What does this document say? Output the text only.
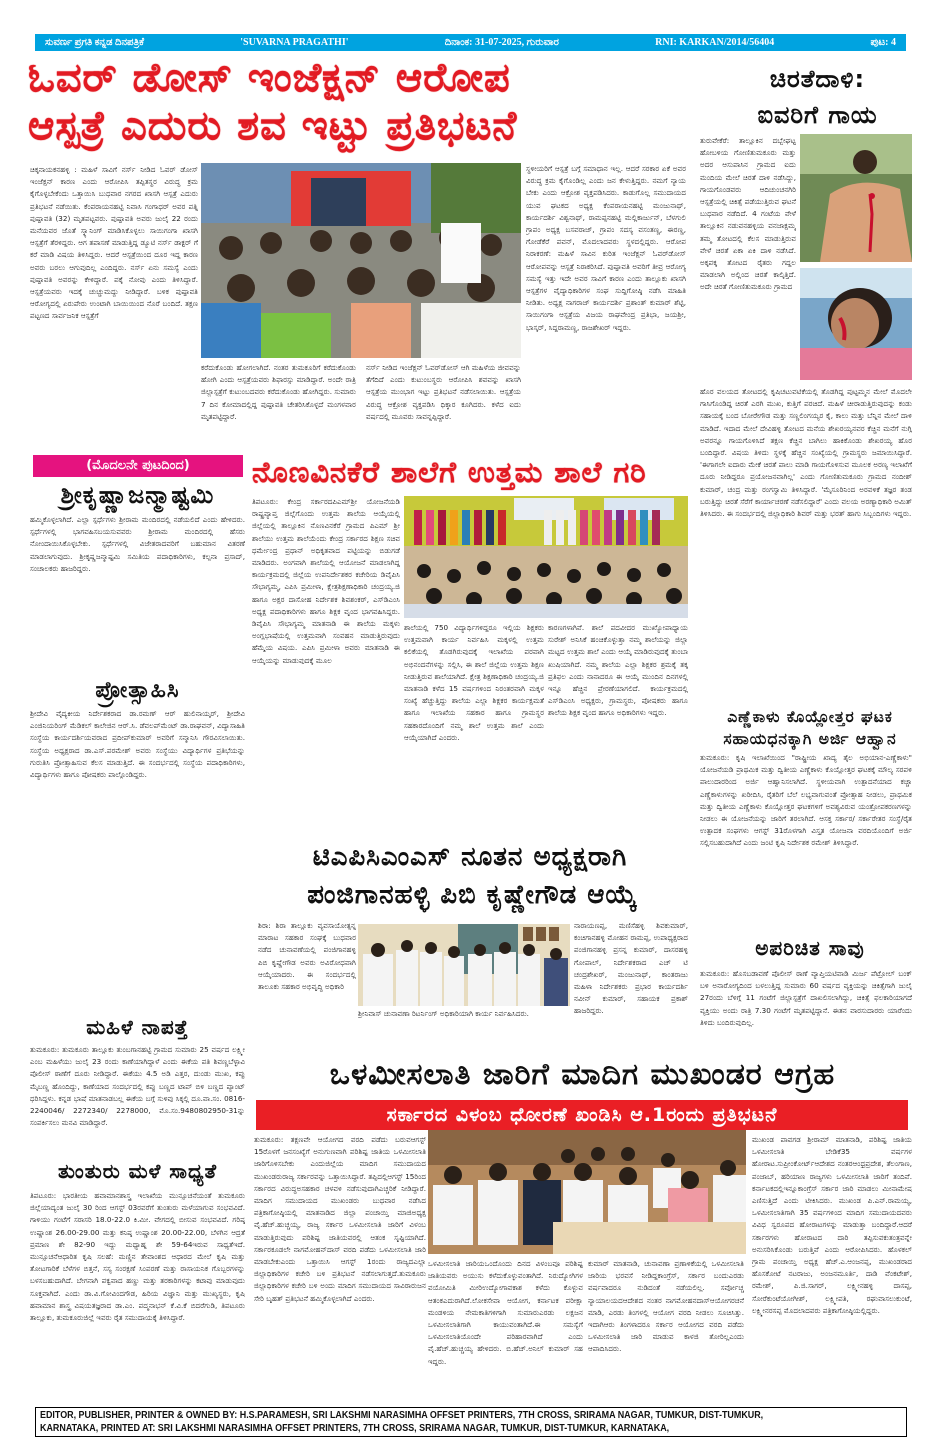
ಸುವರ್ಣ ಪ್ರಗತಿ ಕನ್ನಡ ದಿನಪತ್ರಿಕೆ	'SUVARNA PRAGATHI'	ದಿನಾಂಕ: 31-07-2025, ಗುರುವಾರ	RNI: KARKAN/2014/56404	ಪುಟ: 4
ಓವರ್ ಡೋಸ್ ಇಂಜೆಕ್ಷನ್ ಆರೋಪ
ಆಸ್ಪತ್ರೆ ಎದುರು ಶವ ಇಟ್ಟು ಪ್ರತಿಭಟನೆ
ಚಿಕ್ಕನಾಯಕನಹಳ್ಳಿ : ಮಹಿಳೆ ಸಾವಿಗೆ ನರ್ಸ್ ನೀಡಿದ ಓವರ್ ಡೋಸ್ ಇಂಜೆಕ್ಷನ್ ಕಾರಣ ಎಂದು ಆರೋಪಿಸಿ ತಪ್ಪಿತಸ್ಥರ ವಿರುದ್ಧ ಕ್ರಮ ಕೈಗೊಳ್ಳಬೇಕೆಂದು ಒತ್ತಾಯಿಸಿ ಬುಧವಾರ ನಗರದ ಖಾಸಗಿ ಆಸ್ಪತ್ರೆ ಎದುರು ಪ್ರತಿಭಟನೆ ನಡೆಯಿತು. ಕೆಂಪರಾಯನಹಟ್ಟಿ ನಿವಾಸಿ ಗಂಗಾಧರ್ ಅವರ ಪತ್ನಿ ಪುಷ್ಪಾವತಿ (32) ಮೃತಪಟ್ಟವರು. ಪುಷ್ಪಾವತಿ ಅವರು ಜುಲೈ 22 ರಂದು ಮನೆಯವರ ಜೊತೆ ಸ್ಕ್ಯಾನಿಂಗ್ ಮಾಡಿಸಿಕೊಳ್ಳಲು ಸಾಯಿಗಂಗಾ ಖಾಸಗಿ ಆಸ್ಪತ್ರೆಗೆ ತೆರಳಿದ್ದರು. ಆಗ ತಪಾಸಣೆ ಮಾಡುತ್ತಿದ್ದ ಡ್ಯೂಟಿ ನರ್ಸ್ ಡಾಕ್ಟರ್ ಗೆ ಕರೆ ಮಾಡಿ ವಿಷಯ ತಿಳಿಸಿದ್ದರು. ಆದರೆ ಆಸ್ಪತ್ರೆಯಿಂದ ದೂರ ಇದ್ದ ಕಾರಣ ಅವರು ಬರಲು ಆಗುವುದಿಲ್ಲ ಎಂದಿದ್ದರು. ನರ್ಸ್ ಏನು ಸಮಸ್ಯೆ ಎಂದು ಪುಷ್ಪಾವತಿ ಅವರನ್ನು ಕೇಳಿದ್ದಾರೆ. ಪಕ್ಕೆ ನೋವು ಎಂದು ತಿಳಿಸಿದ್ದಾರೆ. ಆಸ್ಪತ್ರೆಯವರು ಇದಕ್ಕೆ ಚುಚ್ಚುಮದ್ದು ನೀಡಿದ್ದಾರೆ. ಬಳಿಕ ಪುಷ್ಪಾವತಿ ಆರೋಗ್ಯದಲ್ಲಿ ಏರುಪೇರು ಉಂಟಾಗಿ ಬಾಯಿಯಿಂದ ನೊರೆ ಬಂದಿದೆ. ತಕ್ಷಣ ಪಟ್ಟಣದ ಸಾರ್ವಜನಿಕ ಆಸ್ಪತ್ರೆಗೆ
ಕರೆದುಕೊಂಡು ಹೋಗಲಾಗಿದೆ. ನಂತರ ತುಮಕೂರಿಗೆ ಕರೆದುಕೊಂಡು ಹೋಗಿ ಎಂದು ಆಸ್ಪತ್ರೆಯವರು ಶಿಫಾರಸ್ಸು ಮಾಡಿದ್ದಾರೆ. ಅಂದೇ ರಾತ್ರಿ ಜಿಲ್ಲಾಸ್ಪತ್ರೆಗೆ ಕುಟುಂಬದವರು ಕರೆದುಕೊಂಡು ಹೋಗಿದ್ದರು. ಸುಮಾರು 7 ದಿನ ಕೋಮಾದಲ್ಲಿದ್ದ ಪುಷ್ಪಾವತಿ ಚೇತರಿಸಿಕೊಳ್ಳದೆ ಮಂಗಳವಾರ ಮೃತಪಟ್ಟಿದ್ದಾರೆ.
ನರ್ಸ್ ನೀಡಿದ ಇಂಜೆಕ್ಷನ್ ಓವರ್‌ಡೋಸ್ ಆಗಿ ಮಹಿಳೆಯ ಜೀವವನ್ನು ತೆಗೆದಿದೆ ಎಂದು ಕುಟುಂಬಸ್ಥರು ಆರೋಪಿಸಿ ಶವವನ್ನು ಖಾಸಗಿ ಆಸ್ಪತ್ರೆಯ ಮುಂಭಾಗ ಇಟ್ಟು ಪ್ರತಿಭಟನೆ ನಡೆಸಲಾಯಿತು. ಆಸ್ಪತ್ರೆಯ ವಿರುದ್ಧ ಆಕ್ರೋಶ ವ್ಯಕ್ತಪಡಿಸಿ ಧಿಕ್ಕಾರ ಕೂಗಿದರು. ಕಳೆದ ಐದು ವರ್ಷದಲ್ಲಿ ಮೂವರು ಸಾವನ್ನಪ್ಪಿದ್ದಾರೆ.
ಸ್ಥಳೀಯರಿಗೆ ಆಸ್ಪತ್ರೆ ಬಗ್ಗೆ ಸಮಾಧಾನ ಇಲ್ಲ. ಆದರೆ ಸರಕಾರ ಏಕೆ ಅವರ ವಿರುದ್ಧ ಕ್ರಮ ಕೈಗೊಂಡಿಲ್ಲ ಎಂದು ಜನ ಕೇಳುತ್ತಿದ್ದರು. ನಮಗೆ ನ್ಯಾಯ ಬೇಕು ಎಂದು ಆಕ್ರೋಶ ವ್ಯಕ್ತಪಡಿಸಿದರು. ಕಾಡುಗೊಲ್ಲ ಸಮುದಾಯದ ಯುವ ಘಟಕದ ಅಧ್ಯಕ್ಷ ಕೆಂಪರಾಯನಹಟ್ಟಿ ಮಂಜುನಾಥ್, ಕಾರ್ಯದರ್ಶಿ ವಿಶ್ವನಾಥ್, ರಾಮಪ್ಪನಹಟ್ಟಿ ಮಲ್ಲಿಕಾರ್ಜುನ್, ಬೆಳಗುಲಿ ಗ್ರಾಪಂ ಅಧ್ಯಕ್ಷ ಬಸವರಾಜ್, ಗ್ರಾಪಂ ಸದಸ್ಯ ವಸಂತಣ್ಣ, ಈರಣ್ಣ, ಗೋಡೆಕೆರೆ ಪವನ್, ಮೊದಲಾದವರು ಸ್ಥಳದಲ್ಲಿದ್ದರು. ಆರೋಪ ನಿರಾಕರಣೆ: ಮಹಿಳೆ ಸಾವಿನ ಕುರಿತ ಇಂಜೆಕ್ಷನ್ ಓವರ್‌ಡೋಸ್ ಆರೋಪವನ್ನು ಆಸ್ಪತ್ರೆ ನಿರಾಕರಿಸಿದೆ. ಪುಷ್ಪಾವತಿ ಅವರಿಗೆ ತೀವ್ರ ಆರೋಗ್ಯ ಸಮಸ್ಯೆ ಇತ್ತು ಇದೇ ಅವರ ಸಾವಿಗೆ ಕಾರಣ ಎಂದು ತಾಲ್ಲೂಕು ಖಾಸಗಿ ಆಸ್ಪತ್ರೆಗಳ ವೈದ್ಯಾಧಿಕಾರಿಗಳ ಸಂಘ ಸುದ್ದಿಗೋಷ್ಠಿ ನಡೆಸಿ ಮಾಹಿತಿ ನೀಡಿತು. ಅಧ್ಯಕ್ಷ ನಾಗರಾಜ್ ಕಾರ್ಯದರ್ಶಿ ಪ್ರಶಾಂತ್ ಕುಮಾರ್ ಶೆಟ್ಟಿ, ಸಾಯಿಗಂಗಾ ಆಸ್ಪತ್ರೆಯ ವಿಜಯ ರಾಘವೇಂದ್ರ ಪ್ರತಿಭಾ, ಜಯಶ್ರೀ, ಭಾಸ್ಕರ್, ಸಿದ್ದರಾಮಣ್ಣ, ರಾಜಶೇಖರ್ ಇದ್ದರು.
ಚಿರತೆದಾಳಿ:
ಐವರಿಗೆ ಗಾಯ
ತುರುವೇಕೆರೆ: ತಾಲ್ಲೂಕಿನ ದಬ್ಬೇಘಟ್ಟ ಹೋಬಳಿಯ ಗೋಣಿತುಮಕೂರು ಮತ್ತು ಅದರ ಆಸುಪಾಸಿನ ಗ್ರಾಮದ ಐದು ಮಂದಿಯ ಮೇಲೆ ಚಿರತೆ ದಾಳಿ ನಡೆಸಿದ್ದು, ಗಾಯಗೊಂಡವರು ಆದಿಚುಂಚನಗಿರಿ ಆಸ್ಪತ್ರೆಯಲ್ಲಿ ಚಿಕಿತ್ಸೆ ಪಡೆಯುತ್ತಿರುವ ಘಟನೆ ಬುಧವಾರ ನಡೆದಿದೆ. 4 ಗಂಟೆಯ ವೇಳೆ ತಾಲ್ಲೂಕಿನ ನಡುವನಹಳ್ಳಿಯ ವನಜಾಕ್ಷಮ್ಮ ತಮ್ಮ ತೋಟದಲ್ಲಿ ಕೆಲಸ ಮಾಡುತ್ತಿರುವ ವೇಳೆ ಚಿರತೆ ಏಕಾ ಏಕಿ ದಾಳಿ ನಡೆಸಿದೆ. ಅಕ್ಕಪಕ್ಕ ತೋಟದ ರೈತರು ಗದ್ದಲ ಮಾಡಲಾಗಿ ಅಲ್ಲಿಂದ ಚಿರತೆ ಕಾಲ್ಕಿತ್ತಿದೆ. ಅದೇ ಚಿರತೆ ಗೋಣಿತುಮಕೂರು ಗ್ರಾಮದ
ಹೊರ ವಲಯದ ತೋಟದಲ್ಲಿ ಕೃಷಿಚಟುವಟಿಕೆಯಲ್ಲಿ ತೊಡಗಿದ್ದ ಪುಟ್ಟಮ್ಮನ ಮೇಲೆ ಮೊದಲೇ ಗಾಸಿಗೊಂಡಿದ್ದ ಚಿರತೆ ಎರಗಿ ಮುಖ, ಕುತ್ತಿಗೆ ಪರಚಿದೆ. ಮಹಿಳೆ ಚೀರಾಡುತ್ತಿರುವುದನ್ನು ಕಂಡು ಸಹಾಯಕ್ಕೆ ಬಂದ ಬೋರೇಗೌಡ ಮತ್ತು ಸಣ್ಣಲಿಂಗಯ್ಯರ ಕೈ, ಕಾಲು ಮತ್ತು ಬೆನ್ನಿನ ಮೇಲೆ ದಾಳಿ ಮಾಡಿದೆ. ಇದಾದ ಮೇಲೆ ದೇವಿಹಳ್ಳಿ ತೋಟದ ಮನೆಯ ಶೇಖರಯ್ಯನವರ ಕೆಚ್ಚಿನ ಮನೆಗೆ ನುಗ್ಗಿ ಅವರನ್ನೂ ಗಾಯಗೊಳಿಸಿದೆ ತಕ್ಷಣ ಕೆಚ್ಚಿನ ಬಾಗಿಲು ಹಾಕಿಕೊಂಡು ಶೇಖರಯ್ಯ ಹೊರ ಬಂದಿದ್ದಾರೆ. ವಿಷಯ ತಿಳಿದು ಸ್ಥಳಕ್ಕೆ ಹೆಚ್ಚಿನ ಸಂಖ್ಯೆಯಲ್ಲಿ ಗ್ರಾಮಸ್ಥರು ಜಮಾಯಿಸಿದ್ದಾರೆ. 'ಈಗಾಗಲೇ ಐದಾರು ಮೇಕೆ ಚಿರತೆ ಪಾಲು ಮಾಡಿ ಗಾಯಗೊಳಿಸುವ ಮೂಲಕ ಅರಣ್ಯ ಇಲಾಖೆಗೆ ದೂರು ನೀಡಿದ್ದರೂ ಪ್ರಯೋಜನವಾಗಿಲ್ಲ' ಎಂದು ಗೋಣಿತುಮಕೂರು ಗ್ರಾಮದ ನಂದೀಶ್ ಕುಮಾರ್, ಚಂದ್ರ ಮತ್ತು ರಂಗಸ್ವಾಮಿ ತಿಳಿಸಿದ್ದಾರೆ. 'ಮೈಸೂರಿನಿಂದ ಅರವಳಿಕೆ ತಜ್ಞರ ತಂಡ ಬರುತ್ತಿದ್ದು ಚಿರತೆ ಸೆರೆಗೆ ಕಾರ್ಯಾಚರಣೆ ನಡೆಸಲಿದ್ದಾರೆ' ಎಂದು ವಲಯ ಅರಣ್ಯಾಧಿಕಾರಿ ಅಮಿತ್ ತಿಳಿಸಿದರು. ಈ ಸಂದರ್ಭದಲ್ಲಿ ಜಿಲ್ಲಾಧಿಕಾರಿ ಶಿವರ್ ಮತ್ತು ಭರತ್ ಹಾಗು ಸಿಬ್ಬಂದಿಗಳು ಇದ್ದರು.
(ಮೊದಲನೇ ಪುಟದಿಂದ)
ಶ್ರೀಕೃಷ್ಣಾಜನ್ಮಾಷ್ಟಮಿ
ಹಮ್ಮಿಕೊಳ್ಳಲಾಗಿದೆ. ಎಲ್ಲಾ ಸ್ಪರ್ಧೆಗಳು ಶ್ರೀರಾಮ ಮಂದಿರದಲ್ಲಿ ನಡೆಯಲಿದೆ ಎಂದು ಹೇಳಿದರು. ಸ್ಪರ್ಧೆಗಳಲ್ಲಿ ಭಾಗವಹಿಸಬಯಸುವವರು ಶ್ರೀರಾಮ ಮಂದಿರದಲ್ಲಿ ಹೆಸರು ನೋಂದಾಯಿಸಿಕೊಳ್ಳಬೇಕು. ಸ್ಪರ್ಧೆಗಳಲ್ಲಿ ವಿಜೇತರಾದವರಿಗೆ ಬಹುಮಾನ ವಿತರಣೆ ಮಾಡಲಾಗುವುದು. ಶ್ರೀಕೃಷ್ಣಜನ್ಮಾಷ್ಟಮಿ ಸಮಿತಿಯ ಪದಾಧಿಕಾರಿಗಳು, ಕಲ್ಪನಾ ಪ್ರಸಾದ್, ಸಂಚಾಲಕರು ಹಾಜರಿದ್ದರು.
ಪ್ರೋತ್ಸಾಹಿಸಿ
ಶ್ರೀದೇವಿ ವೈದ್ಯಕೀಯ ನಿರ್ದೇಶಕರಾದ ಡಾ.ರಮಣ್ ಆರ್ ಹುಲಿನಾಯ್ಕರ್, ಶ್ರೀದೇವಿ ಎಂಜಿನಿಯರಿಂಗ್ ಮೆಡಿಕಲ್ ಕಾಲೇಜಿನ ಆರ್.ಸಿ. ಡೆವಲಪ್‌ಮೆಂಟ್ ಡಾ.ರಾಘವನ್, ವಿದ್ಯಾಸಾಹಿತಿ ಸಂಸ್ಥೆಯ ಕಾರ್ಯದರ್ಶಿಯವರಾದ ಪ್ರದೀಪ್‌ಕುಮಾರ್ ಅವರಿಗೆ ಸನ್ಮಾನಿಸಿ ಗೌರವಿಸಲಾಯಿತು. ಸಂಸ್ಥೆಯ ಅಧ್ಯಕ್ಷರಾದ ಡಾ.ಎಸ್.ಪರಮೇಶ್ ಅವರು ಸಂಸ್ಥೆಯು ವಿದ್ಯಾರ್ಥಿಗಳ ಪ್ರತಿಭೆಯನ್ನು ಗುರುತಿಸಿ ಪ್ರೋತ್ಸಾಹಿಸುವ ಕೆಲಸ ಮಾಡುತ್ತಿದೆ. ಈ ಸಂದರ್ಭದಲ್ಲಿ ಸಂಸ್ಥೆಯ ಪದಾಧಿಕಾರಿಗಳು, ವಿದ್ಯಾರ್ಥಿಗಳು ಹಾಗೂ ಪೋಷಕರು ಪಾಲ್ಗೊಂಡಿದ್ದರು.
ನೊಣವಿನಕೆರೆ ಶಾಲೆಗೆ ಉತ್ತಮ ಶಾಲೆ ಗರಿ
ತಿಪಟೂರು: ಕೇಂದ್ರ ಸರ್ಕಾರದಪಿಎಮ್‌ಶ್ರೀ ಯೋಜನೆಯಡಿ ರಾಷ್ಟ್ರವ್ಯಾಪ್ತ ಜಿಲ್ಲೆಗೊಂದು ಉತ್ತಮ ಶಾಲೆಯ ಆಯ್ಕೆಯಲ್ಲಿ ಜಿಲ್ಲೆಯಲ್ಲಿ ತಾಲ್ಲೂಕಿನ ನೊಣವಿನಕೆರೆ ಗ್ರಾಮದ ಪಿಎಮ್ ಶ್ರೀ ಶಾಲೆಯು ಉತ್ತಮ ಶಾಲೆಯೆಂದು ಕೇಂದ್ರ ಸರ್ಕಾರದ ಶಿಕ್ಷಣ ಸಚಿವ ಧರ್ಮೇಂದ್ರ ಪ್ರಧಾನ್ ಅಧಿಕೃತವಾದ ಪಟ್ಟಿಯನ್ನು ಬಿಡುಗಡೆ ಮಾಡಿದರು. ಅಂಗವಾಗಿ ಶಾಲೆಯಲ್ಲಿ ಆಯೋಜನೆ ಮಾಡಲಾಗಿದ್ದ ಕಾರ್ಯಕ್ರಮದಲ್ಲಿ ಜಿಲ್ಲೆಯ ಉಪನಿರ್ದೇಶಕರ ಕಚೇರಿಯ ಡಿವೈಪಿಸಿ ಸೌಭಾಗ್ಯಮ್ಮ, ಎಪಿಸಿ ಪ್ರಮೀಳಾ, ಕ್ಷೇತ್ರಶಿಕ್ಷಣಾಧಿಕಾರಿ ಚಂದ್ರಯ್ಯ.ಜಿ ಹಾಗೂ ಅಕ್ಷರ ದಾಸೋಹ ನಿರ್ದೇಶಕ ಶಿವಶಂಕರ್, ಎಸ್‌ಡಿಎಂಸಿ ಅಧ್ಯಕ್ಷ ಪದಾಧಿಕಾರಿಗಳು ಹಾಗೂ ಶಿಕ್ಷಕ ವೃಂದ ಭಾಗವಹಿಸಿದ್ದರು. ಡಿವೈಪಿಸಿ ಸೌಭಾಗ್ಯಮ್ಮ ಮಾತನಾಡಿ ಈ ಶಾಲೆಯ ಮಕ್ಕಳು ಅಂಗ್ಲಭಾಷೆಯಲ್ಲಿ ಉತ್ತಮವಾಗಿ ಸಂವಹನ ಮಾಡುತ್ತಿರುವುದು ಹೆಮ್ಮೆಯ ವಿಷಯ. ಎಪಿಸಿ ಪ್ರಮೀಳಾ ಅವರು ಮಾತನಾಡಿ ಈ ಆಯ್ಕೆಯನ್ನು ಮಾಡುವುದಕ್ಕೆ ಮೂಲ
ಶಾಲೆಯಲ್ಲಿ 750 ವಿದ್ಯಾರ್ಥಿಗಳಿದ್ದರೂ ಇಲ್ಲಿಯ ಶಿಕ್ಷಕರು ಉತ್ತಮವಾಗಿ ಕಾರ್ಯ ನಿರ್ವಹಿಸಿ ಮಕ್ಕಳಲ್ಲಿ ಉತ್ತಮ ಕಲಿಕೆಯಲ್ಲಿ ತೊಡಗಿರುವುದಕ್ಕೆ ಇಲಾಖೆಯ ಪರವಾಗಿ ಅಭಿನಂದನೆಗಳನ್ನು ಸಲ್ಲಿಸಿ, ಈ ಶಾಲೆ ಜಿಲ್ಲೆಯ ಉತ್ತಮ ಶಿಕ್ಷಣ ನೀಡುತ್ತಿರುವ ಶಾಲೆಯಾಗಿದೆ. ಕ್ಷೇತ್ರ ಶಿಕ್ಷಣಾಧಿಕಾರಿ ಚಂದ್ರಯ್ಯ.ಜಿ ಮಾತನಾಡಿ ಕಳೆದ 15 ವರ್ಷಗಳಿಂದ ನಿರಂತರವಾಗಿ ಮಕ್ಕಳ ಸಂಖ್ಯೆ ಹೆಚ್ಚುತ್ತಿದ್ದು ಶಾಲೆಯ ಎಲ್ಲಾ ಶಿಕ್ಷಕರ ಕಾರ್ಯಕ್ಷಮತೆ ಹಾಗೂ ಇಲಾಖೆಯ ಸಹಕಾರ ಹಾಗೂ ಗ್ರಾಮಸ್ಥರ ಸಹಕಾರದೊಂದಿಗೆ ನಮ್ಮ ಶಾಲೆ ಉತ್ತಮ ಶಾಲೆ ಎಂದು ಆಯ್ಕೆಯಾಗಿದೆ ಎಂದರು.
ಕಾರಣಗಳಾಗಿವೆ. ಶಾಲೆ ಪದವೀದರ ಮುಖ್ಯೋಪಾಧ್ಯಾಯ ಸುರೇಶ್ ಅನಿಸಿಕೆ ಹಂಚಿಕೊಳ್ಳುತ್ತಾ ನಮ್ಮ ಶಾಲೆಯನ್ನು ಜಿಲ್ಲಾ ಮಟ್ಟದ ಉತ್ತಮ ಶಾಲೆ ಎಂದು ಆಯ್ಕೆ ಮಾಡಿರುವುದಕ್ಕೆ ತುಂಬಾ ಖುಷಿಯಾಗಿದೆ. ನಮ್ಮ ಶಾಲೆಯ ಎಲ್ಲಾ ಶಿಕ್ಷಕರ ಶ್ರಮಕ್ಕೆ ತಕ್ಕ ಪ್ರತಿಫಲ ಎಂದು ನಾನಾದರೂ ಈ ಆಯ್ಕೆ ಮುಂದಿನ ದಿನಗಳಲ್ಲಿ ಇನ್ನೂ ಹೆಚ್ಚಿನ ಪ್ರೇರಣೆಯಾಗಲಿದೆ. ಕಾರ್ಯಕ್ರಮದಲ್ಲಿ ಎಸ್‌ಡಿಎಂಸಿ ಅಧ್ಯಕ್ಷರು, ಗ್ರಾಮಸ್ಥರು, ಪೋಷಕರು ಹಾಗೂ ಶಾಲೆಯ ಶಿಕ್ಷಕ ವೃಂದ ಹಾಗೂ ಅಧಿಕಾರಿಗಳು ಇದ್ದರು.	ಎಣ್ಣೆಕಾಳು ಕೊಯ್ಲೋತ್ತರ ಘಟಕ
ಸಹಾಯಧನಕ್ಕಾಗಿ ಅರ್ಜಿ ಆಹ್ವಾನ
ತುಮಕೂರು: ಕೃಷಿ ಇಲಾಖೆಯಿಂದ "ರಾಷ್ಟ್ರೀಯ ಖಾದ್ಯ ತೈಲ ಅಭಿಯಾನ-ಎಣ್ಣೆಕಾಳು" ಯೋಜನೆಯಡಿ ಪ್ರಾಥಮಿಕ ಮತ್ತು ದ್ವಿತೀಯ ಎಣ್ಣೆಕಾಳು ಕೊಯ್ಲೋತ್ತರ ಘಟಕಕ್ಕೆ ಮೌಲ್ಯ ಸರಪಳಿ ಪಾಲುದಾರರಿಂದ ಅರ್ಜಿ ಆಹ್ವಾನಿಸಲಾಗಿದೆ. ಸ್ಥಳೀಯವಾಗಿ ಉತ್ಪಾದನೆಯಾದ ಕಚ್ಚಾ ಎಣ್ಣೆಕಾಳುಗಳನ್ನು ಖರೀದಿಸಿ, ರೈತರಿಗೆ ಬೆಲೆ ಲಭ್ಯವಾಗುವಂತೆ ಪ್ರೋತ್ಸಾಹ ನೀಡಲು, ಪ್ರಾಥಮಿಕ ಮತ್ತು ದ್ವಿತೀಯ ಎಣ್ಣೆಕಾಳು ಕೊಯ್ಲೋತ್ತರ ಘಟಕಗಳಿಗೆ ಅವಶ್ಯವಿರುವ ಯಂತ್ರೋಪಕರಣಗಳನ್ನು ನೀಡಲು ಈ ಯೋಜನೆಯನ್ನು ಜಾರಿಗೆ ತರಲಾಗಿದೆ. ಆಸಕ್ತ ಸರ್ಕಾರ/ ಸರ್ಕಾರೇತರ ಸಂಸ್ಥೆ/ರೈತ ಉತ್ಪಾದಕ ಸಂಘಗಳು ಆಗಸ್ಟ್ 31ರೊಳಗಾಗಿ ವಿಸ್ತೃತ ಯೋಜನಾ ವರದಿಯೊಂದಿಗೆ ಅರ್ಜಿ ಸಲ್ಲಿಸಬಹುದಾಗಿದೆ ಎಂದು ಜಂಟಿ ಕೃಷಿ ನಿರ್ದೇಶಕ ರಮೇಶ್ ತಿಳಿಸಿದ್ದಾರೆ.
ಟಿಎಪಿಸಿಎಂಎಸ್ ನೂತನ ಅಧ್ಯಕ್ಷರಾಗಿ
ಪಂಜಿಗಾನಹಳ್ಳಿ ಪಿಬಿ ಕೃಷ್ಣೇಗೌಡ ಆಯ್ಕೆ
ಶಿರಾ: ಶಿರಾ ತಾಲ್ಲೂಕು ವ್ಯವಸಾಯೋತ್ಪನ್ನ ಮಾರಾಟ ಸಹಕಾರ ಸಂಘಕ್ಕೆ ಬುಧವಾರ ನಡೆದ ಚುನಾವಣೆಯಲ್ಲಿ ಪಂಜಿಗಾನಹಳ್ಳಿ ಪಿಬಿ ಕೃಷ್ಣೇಗೌಡ ಅವರು ಅವಿರೋಧವಾಗಿ ಆಯ್ಕೆಯಾದರು. ಈ ಸಂದರ್ಭದಲ್ಲಿ ತಾಲೂಕು ಸಹಕಾರ ಅಭಿವೃದ್ಧಿ ಅಧಿಕಾರಿ
ಶ್ರೀನಿವಾಸ್ ಚುನಾವಣಾ ರಿಟರ್ನಿಂಗ್ ಅಧಿಕಾರಿಯಾಗಿ ಕಾರ್ಯ ನಿರ್ವಹಿಸಿದರು.
ನಾರಾಯಣಪ್ಪ, ಮಣಿಸೆಹಳ್ಳಿ ಶಿವಕುಮಾರ್, ಕಂಚಿಗಾನಹಳ್ಳಿ ಮೋಹನ ರಾಮಪ್ಪ, ಉಪಾಧ್ಯಕ್ಷರಾದ ಪಂಜಿಗಾನಹಳ್ಳಿ ಪ್ರಸನ್ನ ಕುಮಾರ್, ದಾಸರಹಳ್ಳಿ ಗೋಪಾಲ್, ನಿರ್ದೇಶಕರಾದ ಎಚ್ ಟಿ ಚಂದ್ರಶೇಖರ್, ಮಂಜುನಾಥ್, ಕಾಂತರಾಜು ಮಹಿಳಾ ನಿರ್ದೇಶಕರು ಪ್ರಭಾರ ಕಾರ್ಯದರ್ಶಿ ನವೀನ್ ಕುಮಾರ್, ಸಹಾಯಕ ಪ್ರಕಾಶ್ ಹಾಜರಿದ್ದರು.
ಅಪರಿಚಿತ ಸಾವು
ತುಮಕೂರು: ಹೊಸಬಡಾವಣೆ ಪೊಲೀಸ್ ಠಾಣೆ ವ್ಯಾಪ್ತಿಯಟಿವಾಡಿ ಮಿರ್ಜ ಪೆಟ್ರೋಲ್ ಬಂಕ್ ಬಳಿ ಅನಾರೋಗ್ಯದಿಂದ ಬಳಲುತ್ತಿದ್ದ ಸುಮಾರು 60 ವರ್ಷದ ವ್ಯಕ್ತಿಯನ್ನು ಚಿಕಿತ್ಸೆಗಾಗಿ ಜುಲೈ 27ರಂದು ಬೆಳಿಗ್ಗೆ 11 ಗಂಟೆಗೆ ಜಿಲ್ಲಾಸ್ಪತ್ರೆಗೆ ದಾಖಲಿಸಲಾಗಿದ್ದು, ಚಿಕಿತ್ಸೆ ಫಲಕಾರಿಯಾಗದೆ ವ್ಯಕ್ತಿಯು ಅಂದು ರಾತ್ರಿ 7.30 ಗಂಟೆಗೆ ಮೃತಪಟ್ಟಿದ್ದಾನೆ. ಈತನ ವಾರಸುದಾರರು ಯಾರೆಂದು ತಿಳಿದು ಬಂದಿರುವುದಿಲ್ಲ.
ಮಹಿಳೆ ನಾಪತ್ತೆ
ತುಮಕೂರು: ತುಮಕೂರು ತಾಲ್ಲೂಕು ತುಂಬಗಾನಹಟ್ಟಿ ಗ್ರಾಮದ ಸುಮಾರು 25 ವರ್ಷದ ಲಕ್ಷ್ಮೀ ಎಂಬ ಮಹಿಳೆಯು ಜುಲೈ 23 ರಂದು ಕಾಣೆಯಾಗಿದ್ದಾಳೆ ಎಂದು ಈಕೆಯ ಪತಿ ಶಿವಣ್ಣಬೆಳ್ಳಾವಿ ಪೊಲೀಸ್ ಠಾಣೆಗೆ ದೂರು ನೀಡಿದ್ದಾರೆ. ಈಕೆಯು 4.5 ಅಡಿ ಎತ್ತರ, ದುಂಡು ಮುಖ, ಕಪ್ಪು ಮೈಬಣ್ಣ ಹೊಂದಿದ್ದು, ಕಾಣೆಯಾದ ಸಂದರ್ಭದಲ್ಲಿ ಕಪ್ಪು ಬಣ್ಣದ ಟಾಪ್ ಬಿಳಿ ಬಣ್ಣದ ಪ್ಯಾಂಟ್ ಧರಿಸಿದ್ದಳು. ಕನ್ನಡ ಭಾಷೆ ಮಾತನಾಡಬಲ್ಲ ಈಕೆಯ ಬಗ್ಗೆ ಸುಳಿವು ಸಿಕ್ಕಲ್ಲಿ ದೂ.ವಾ.ಸಂ. 0816-2240046/ 2272340/ 2278000, ಮೊ.ಸಂ.9480802950-31ನ್ನು ಸಂಪರ್ಕಿಸಲು ಮನವಿ ಮಾಡಿದ್ದಾರೆ.
ತುಂತುರು ಮಳೆ ಸಾಧ್ಯತೆ
ತಿಪಟೂರು: ಭಾರತೀಯ ಹವಾಮಾನಶಾಸ್ತ್ರ ಇಲಾಖೆಯ ಮುನ್ಸೂಚನೆಯಂತೆ ತುಮಕೂರು ಜಿಲ್ಲೆಯಾದ್ಯಂತ ಜುಲೈ 30 ರಿಂದ ಆಗಸ್ಟ್ 03ರವರೆಗೆ ತುಂತುರು ಮಳೆಯಾಗುವ ಸಂಭವವಿದೆ. ಗಾಳಿಯು ಗಂಟೆಗೆ ಸರಾಸರಿ 18.0-22.0 ಕಿ.ಮೀ. ವೇಗದಲ್ಲಿ ಬೀಸುವ ಸಂಭವವಿದೆ. ಗರಿಷ್ಠ ಉಷ್ಣಾಂಶ 26.00-29.00 ಮತ್ತು ಕನಿಷ್ಠ ಉಷ್ಣಾಂಶ 20.00-22.00, ಬೆಳಗಿನ ಆದ್ರತೆ ಪ್ರಮಾಣ ಶೇ 82-90 ಇದ್ದು ಮಧ್ಯಾಹ್ನ ಶೇ 59-64ಇರುವ ಸಾಧ್ಯತೆಇದೆ. ಮುನ್ಸೂಚನೆಆಧಾರಿತ ಕೃಷಿ ಸಲಹೆ: ಮಣ್ಣಿನ ತೇವಾಂಶದ ಆಧಾರದ ಮೇಲೆ ಕೃಷಿ ಮತ್ತು ತೋಟಗಾರಿಕೆ ಬೆಳೆಗಳ ಬಿತ್ತನೆ, ಸಸ್ಯ ಸಂರಕ್ಷಣೆ ಸಿಂಪರಣೆ ಮತ್ತು ರಾಸಾಯನಿಕ ಗೊಬ್ಬರಗಳನ್ನು ಬಳಸಬಹುದಾಗಿದೆ. ಬೇಗನಾಗಿ ಪಕ್ವವಾದ ಹಣ್ಣು ಮತ್ತು ತರಕಾರಿಗಳನ್ನು ಕಟಾವು ಮಾಡುವುದು ಸೂಕ್ತವಾಗಿದೆ. ಎಂದು ಡಾ.ವಿ.ಗೋವಿಂದಗೌಡ, ಹಿರಿಯ ವಿಜ್ಞಾನಿ ಮತ್ತು ಮುಖ್ಯಸ್ಥರು, ಕೃಷಿ ಹವಾಮಾನ ಶಾಸ್ತ್ರ ವಿಷಯತಜ್ಞರಾದ ಡಾ.ಎಂ. ಪದ್ಮನಾಭನ್ ಕೆ.ವಿ.ಕೆ ಬಿದರೆಗುಡಿ, ತಿಪಟೂರು ತಾಲ್ಲೂಕು, ತುಮಕೂರುಜಿಲ್ಲೆ ಇವರು ರೈತ ಸಮುದಾಯಕ್ಕೆ ತಿಳಿಸಿದ್ದಾರೆ.
ಒಳಮೀಸಲಾತಿ ಜಾರಿಗೆ ಮಾದಿಗ ಮುಖಂಡರ ಆಗ್ರಹ
ಸರ್ಕಾರದ ವಿಳಂಬ ಧೋರಣೆ ಖಂಡಿಸಿ ಆ.1ರಂದು ಪ್ರತಿಭಟನೆ
ತುಮಕೂರು: ತಕ್ಷಣವೇ ಆಯೋಗದ ವರದಿ ಪಡೆದು ಬರುವಆಗಸ್ಟ್ 15ರೊಳಗೆ ಜನಸಂಖ್ಯೆಗೆ ಅನುಗುಣವಾಗಿ ಪರಿಶಿಷ್ಟ ಜಾತಿಯ ಒಳಮೀಸಲಾತಿ ಜಾರಿಗೊಳಿಸಬೇಕು ಎಂದುಜಿಲ್ಲೆಯ ಮಾದಿಗ ಸಮುದಾಯದ ಮುಖಂಡರುರಾಜ್ಯ ಸರ್ಕಾರವನ್ನು ಒತ್ತಾಯಿಸಿದ್ದಾರೆ. ತಪ್ಪಿದಲ್ಲಿಆಗಸ್ಟ್ 15ರಿಂದ ಸರ್ಕಾರದ ವಿರುದ್ಧಅಸಹಕಾರ ಚಳವಳಿ ನಡೆಸುವುದಾಗಿಎಚ್ಚರಿಕೆ ನೀಡಿದ್ದಾರೆ. ಮಾದಿಗ ಸಮುದಾಯದ ಮುಖಂಡರು ಬುಧವಾರ ನಡೆಸಿದ ಪತ್ರಿಕಾಗೋಷ್ಠಿಯಲ್ಲಿ ಮಾತನಾಡಿದ ಜಿಲ್ಲಾ ಪಂಚಾಯ್ತಿ ಮಾಜಿಅಧ್ಯಕ್ಷ ವೈ.ಹೆಚ್.ಹುಚ್ಚಯ್ಯ, ರಾಜ್ಯ ಸರ್ಕಾರ ಒಳಮೀಸಲಾತಿ ಜಾರಿಗೆ ವಿಳಂಬ ಮಾಡುತ್ತಿರುವುದು ಪರಿಶಿಷ್ಟ ಜಾತಿಯವರಲ್ಲಿ ಆತಂಕ ಸೃಷ್ಟಿಯಾಗಿದೆ. ಸರ್ಕಾರಕೂಡಲೇ ನಾಗಮೋಹನ್‌ದಾಸ್ ವರದಿ ಪಡೆದು ಒಳಮೀಸಲಾತಿ ಜಾರಿ ಮಾಡಬೇಕುಎಂದು ಒತ್ತಾಯಿಸಿ ಆಗಸ್ಟ್ 1ರಂದು ರಾಜ್ಯದಎಲ್ಲಾ ಜಿಲ್ಲಾಧಿಕಾರಿಗಳ ಕಚೇರಿ ಬಳಿ ಪ್ರತಿಭಟನೆ ನಡೆಸಲಾಗುತ್ತದೆ.ತುಮಕೂರು ಜಿಲ್ಲಾಧಿಕಾರಿಗಳ ಕಚೇರಿ ಬಳಿ ಅಂದು ಮಾದಿಗ ಸಮುದಾಯದ ಸಾವಿರಾರುಜನ ಸೇರಿ ಬೃಹತ್ ಪ್ರತಿಭಟನೆ ಹಮ್ಮಿಕೊಳ್ಳಲಾಗಿದೆ ಎಂದರು.
ಒಳಮೀಸಲಾತಿ ಜಾರಿಯಒಂದೊಂದು ದಿನದ ವಿಳಂಬವೂ ಪರಿಶಿಷ್ಟ ಜಾತಿಯವರು ಅಯುಸು ಕಳೆದುಕೊಳ್ಳುವಂತಾಗಿದೆ. ನಿರುದ್ಯೋಗಿಗಳ ವಯೋಮಿತಿ ಮೀರಿಉದ್ಯೋಗಾವಕಾಶ ಕಳೆದು ಕೊಳ್ಳುವ ಆತಂಕಎದುರಾಗಿದೆ.ಲೋಕಸೇವಾ ಆಯೋಗ, ಕರ್ನಾಟಕ ಪರೀಕ್ಷಾ ಮಂಡಳಿಯ ನೇಮಕಾತಿಗಳಿಗಾಗಿ ಸುಮಾರುಎರಡು ಲಕ್ಷಜನ ಒಳಮೀಸಲಾತಿಗಾಗಿ ಕಾಯುವಂತಾಗಿದೆ.ಈ ಸಮಸ್ಯೆಗೆ ಒಳಮೀಸಲಾತಿಯೊಂದೇ ಪರಿಹಾರವಾಗಿದೆ ಎಂದು ವೈ.ಹೆಚ್.ಹುಚ್ಚಯ್ಯ ಹೇಳಿದರು. ಬಿ.ಹೆಚ್.ಅನಿಲ್ ಕುಮಾರ್ ಸಹ ಇದ್ದರು.
ಕುಮಾರ್ ಮಾತನಾಡಿ, ಚುನಾವಣಾ ಪ್ರಣಾಳಿಕೆಯಲ್ಲಿ ಒಳಮೀಸಲಾತಿ ಜಾರಿಯ ಭರವಸೆ ನೀಡಿದ್ದಕಾಂಗ್ರೆಸ್, ಸರ್ಕಾರ ಬಂದುಎರಡು ವರ್ಷವಾದರೂ ನುಡಿದಂತೆ ನಡೆಯಲಿಲ್ಲ. ಸರ್ವೋಚ್ಚ ನ್ಯಾಯಾಲಯದಆದೇಶದ ನಂತರ ನಾಗಮೋಹನದಾಸ್ಆಯೋಗರಚನೆ ಮಾಡಿ, ಎರಡು ತಿಂಗಳಲ್ಲಿ ಆಯೋಗ ವರದಿ ನೀಡಲು ಸೂಚಿಸಿತ್ತು. ಇದಾಗಿಆರು ತಿಂಗಳಾದರೂ ಸರ್ಕಾರ ಆಯೋಗದ ವರದಿ ಪಡೆದು ಒಳಮೀಸಲಾತಿ ಜಾರಿ ಮಾಡುವ ಕಾಳಜಿ ತೋರಿಲ್ಲಎಂದು ಆಪಾದಿಸಿದರು.
ಮುಖಂಡ ಪಾವಗಡ ಶ್ರೀರಾಮ್ ಮಾತನಾಡಿ, ಪರಿಶಿಷ್ಟ ಜಾತಿಯ ಒಳಮೀಸಲಾತಿ ಬೇಡಿಕೆ35 ವರ್ಷಗಳ ಹೋರಾಟ.ಸುಪ್ರೀಂಕೋರ್ಟ್‌ಆದೇಶದ ನಂತರಆಂಧ್ರಪ್ರದೇಶ, ತೆಲಂಗಾಣ, ಪಂಜಾಬ್, ಹರಿಯಾಣ ರಾಜ್ಯಗಳು ಒಳಮೀಸಲಾತಿ ಜಾರಿಗೆ ತಂದಿವೆ. ಕರ್ನಾಟಕದಲ್ಲಿಇನ್ನೂಕಾಂಗ್ರೆಸ್ ಸರ್ಕಾರ ಜಾರಿ ಮಾಡಲು ಮೀನಾಮೇಷ ಎಣಿಸುತ್ತಿದೆ ಎಂದು ಟೀಕಿಸಿದರು. ಮುಖಂಡ ಪಿ.ಎನ್.ರಾಮಯ್ಯ, ಒಳಮೀಸಲಾತಿಗಾಗಿ 35 ವರ್ಷಗಳಿಂದ ಮಾದಿಗ ಸಮುದಾಯದವರು ವಿವಿಧ ಸ್ವರೂಪದ ಹೋರಾಟಗಳನ್ನು ಮಾಡುತ್ತಾ ಬಂದಿದ್ದಾರೆ.ಆದರೆ ಸರ್ಕಾರಗಳು ಹೋರಾಟದ ದಾರಿ ತಪ್ಪಿಸುವಕುತಂತ್ರವನ್ನೇ ಅನುಸರಿಸಿಕೊಂಡು ಬರುತ್ತಿವೆ ಎಂದು ಆರೋಪಿಸಿದರು. ಹೊಳಕಲ್ ಗ್ರಾಮ ಪಂಚಾಯ್ತಿ ಅಧ್ಯಕ್ಷ ಹೆಚ್.ಎ.ಆಂಜನಪ್ಪ, ಮುಖಂಡರಾದ ಹೊಸಕೋಟೆ ನಟರಾಜು, ಅಂಜನಮೂರ್ತಿ, ದಾಡಿ ವೆಂಕಟೇಶ್, ರಮೇಶ್, ಪಿ.ಜಿ.ಸಾಗರ್, ಲಕ್ಷ್ಮೀನಹಳ್ಳಿ ದಾಸಪ್ಪ, ಸೋರೆಕುಂಟೆಯೋಗೀಶ್, ಲಕ್ಷ್ಮೀಪತಿ, ರಘುವಾಸಲುಕುಂಟೆ, ಲಕ್ಷ್ಮೀನರಸಪ್ಪ ಮೊದಲಾದವರು ಪತ್ರಿಕಾಗೋಷ್ಠಿಯಲ್ಲಿದ್ದರು.
EDITOR, PUBLISHER, PRINTER & OWNED BY: H.S.PARAMESH, SRI LAKSHMI NARASIMHA OFFSET PRINTERS, 7TH CROSS, SRIRAMA NAGAR, TUMKUR, DIST-TUMKUR,
KARNATAKA, PRINTED AT: SRI LAKSHMI NARASIMHA OFFSET PRINTERS, 7TH CROSS, SRIRAMA NAGAR, TUMKUR, DIST-TUMKUR, KARNATAKA,
